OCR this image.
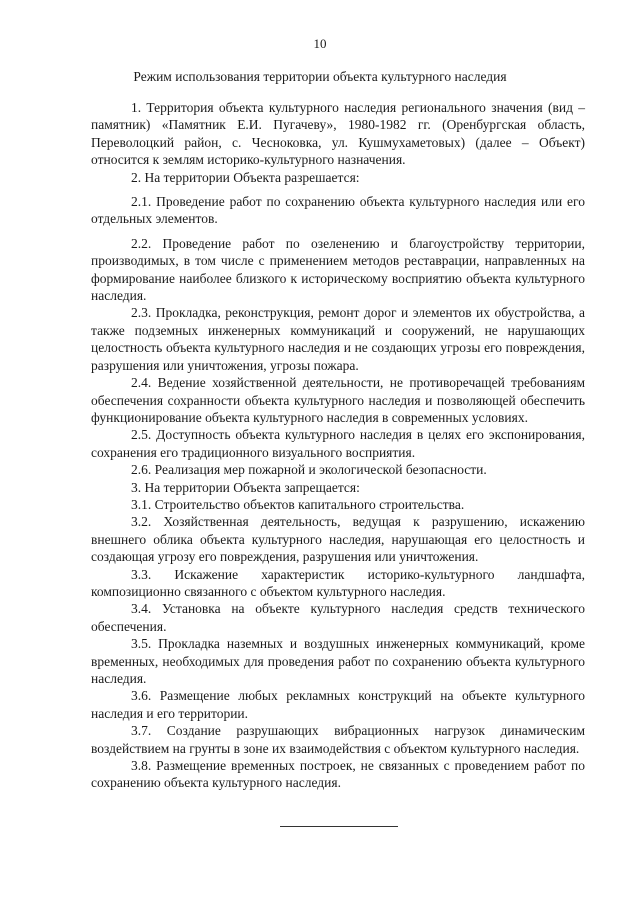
10
Режим использования территории объекта культурного наследия

1. Территория объекта культурного наследия регионального значения (вид – памятник) «Памятник Е.И. Пугачеву», 1980-1982 гг. (Оренбургская область, Переволоцкий район, с. Чесноковка, ул. Кушмухаметовых) (далее – Объект) относится к землям историко-культурного назначения.

2. На территории Объекта разрешается:

2.1. Проведение работ по сохранению объекта культурного наследия или его отдельных элементов.

2.2. Проведение работ по озеленению и благоустройству территории, производимых, в том числе с применением методов реставрации, направленных на формирование наиболее близкого к историческому восприятию объекта культурного наследия.

2.3. Прокладка, реконструкция, ремонт дорог и элементов их обустройства, а также подземных инженерных коммуникаций и сооружений, не нарушающих целостность объекта культурного наследия и не создающих угрозы его повреждения, разрушения или уничтожения, угрозы пожара.

2.4. Ведение хозяйственной деятельности, не противоречащей требованиям обеспечения сохранности объекта культурного наследия и позволяющей обеспечить функционирование объекта культурного наследия в современных условиях.

2.5. Доступность объекта культурного наследия в целях его экспонирования, сохранения его традиционного визуального восприятия.

2.6. Реализация мер пожарной и экологической безопасности.

3. На территории Объекта запрещается:

3.1. Строительство объектов капитального строительства.

3.2. Хозяйственная деятельность, ведущая к разрушению, искажению внешнего облика объекта культурного наследия, нарушающая его целостность и создающая угрозу его повреждения, разрушения или уничтожения.

3.3. Искажение характеристик историко-культурного ландшафта, композиционно связанного с объектом культурного наследия.

3.4. Установка на объекте культурного наследия средств технического обеспечения.

3.5. Прокладка наземных и воздушных инженерных коммуникаций, кроме временных, необходимых для проведения работ по сохранению объекта культурного наследия.

3.6. Размещение любых рекламных конструкций на объекте культурного наследия и его территории.

3.7. Создание разрушающих вибрационных нагрузок динамическим воздействием на грунты в зоне их взаимодействия с объектом культурного наследия.

3.8. Размещение временных построек, не связанных с проведением работ по сохранению объекта культурного наследия.
